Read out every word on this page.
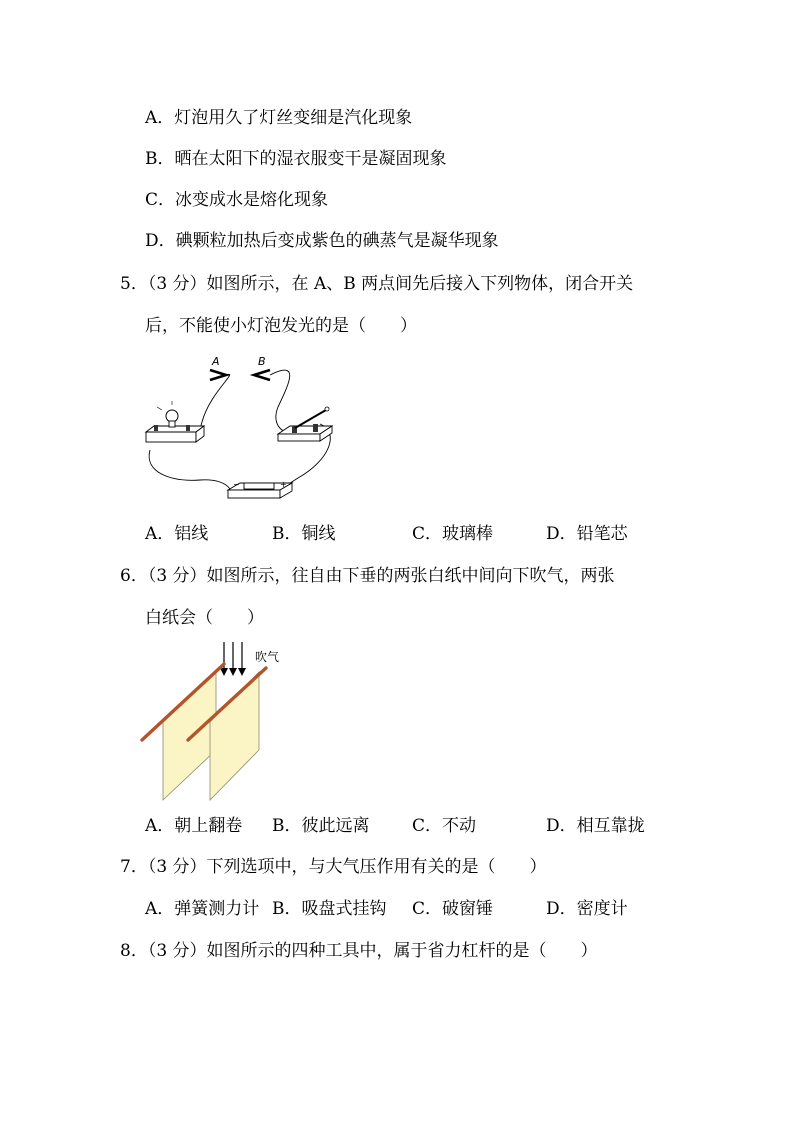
A．灯泡用久了灯丝变细是汽化现象
B．晒在太阳下的湿衣服变干是凝固现象
C．冰变成水是熔化现象
D．碘颗粒加热后变成紫色的碘蒸气是凝华现象
5．（3 分）如图所示，在 A、B 两点间先后接入下列物体，闭合开关
后，不能使小灯泡发光的是（　　）
A	B
−	+
A．铝线	B．铜线	C．玻璃棒	D．铅笔芯
6．（3 分）如图所示，往自由下垂的两张白纸中间向下吹气，两张
白纸会（　　）
吹气
A．朝上翻卷 B．彼此远离	C．不动	D．相互靠拢
7．（3 分）下列选项中，与大气压作用有关的是（　　）
A．弹簧测力计 B．吸盘式挂钩 C．破窗锤	D．密度计
8．（3 分）如图所示的四种工具中，属于省力杠杆的是（　　）
